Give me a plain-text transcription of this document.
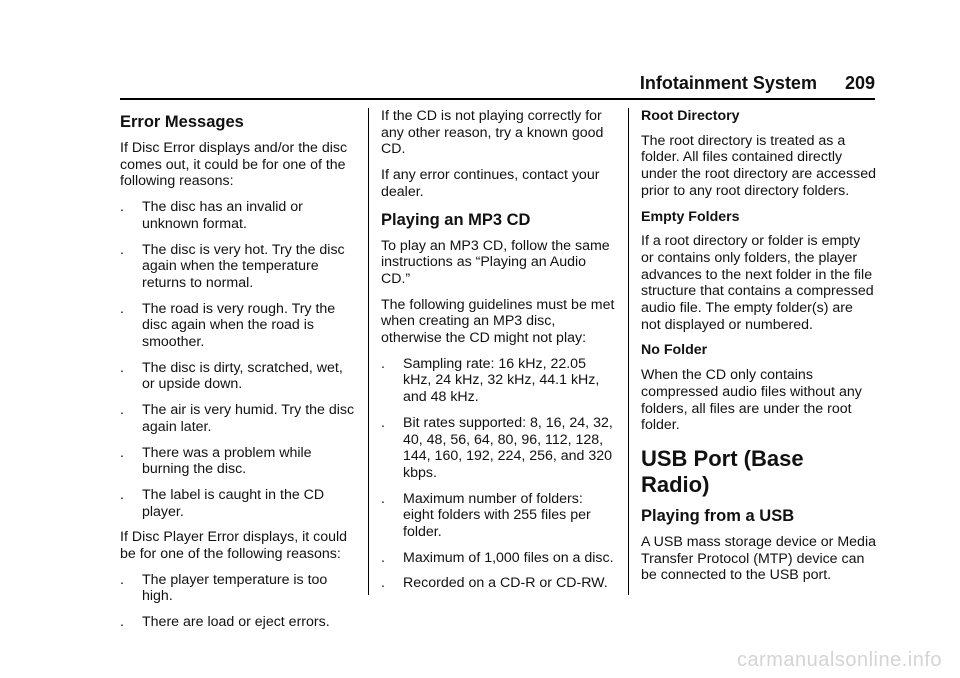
Infotainment System 209
Error Messages

If Disc Error displays and/or the disc comes out, it could be for one of the following reasons:

.	The disc has an invalid or unknown format.
.	The disc is very hot. Try the disc again when the temperature returns to normal.
.	The road is very rough. Try the disc again when the road is smoother.
.	The disc is dirty, scratched, wet, or upside down.
.	The air is very humid. Try the disc again later.
.	There was a problem while burning the disc.
.	The label is caught in the CD player.

If Disc Player Error displays, it could be for one of the following reasons:

.	The player temperature is too high.
.	There are load or eject errors.

If the CD is not playing correctly for any other reason, try a known good CD.

If any error continues, contact your dealer.

Playing an MP3 CD

To play an MP3 CD, follow the same instructions as “Playing an Audio CD.”

The following guidelines must be met when creating an MP3 disc, otherwise the CD might not play:

.	Sampling rate: 16 kHz, 22.05 kHz, 24 kHz, 32 kHz, 44.1 kHz, and 48 kHz.
.	Bit rates supported: 8, 16, 24, 32, 40, 48, 56, 64, 80, 96, 112, 128, 144, 160, 192, 224, 256, and 320 kbps.
.	Maximum number of folders: eight folders with 255 files per folder.
.	Maximum of 1,000 files on a disc.
.	Recorded on a CD-R or CD-RW.
Root Directory

The root directory is treated as a folder. All files contained directly under the root directory are accessed prior to any root directory folders.

Empty Folders

If a root directory or folder is empty or contains only folders, the player advances to the next folder in the file structure that contains a compressed audio file. The empty folder(s) are not displayed or numbered.

No Folder

When the CD only contains compressed audio files without any folders, all files are under the root folder.

USB Port (Base Radio)
Playing from a USB

A USB mass storage device or Media Transfer Protocol (MTP) device can be connected to the USB port.

carmanualsonline.info
